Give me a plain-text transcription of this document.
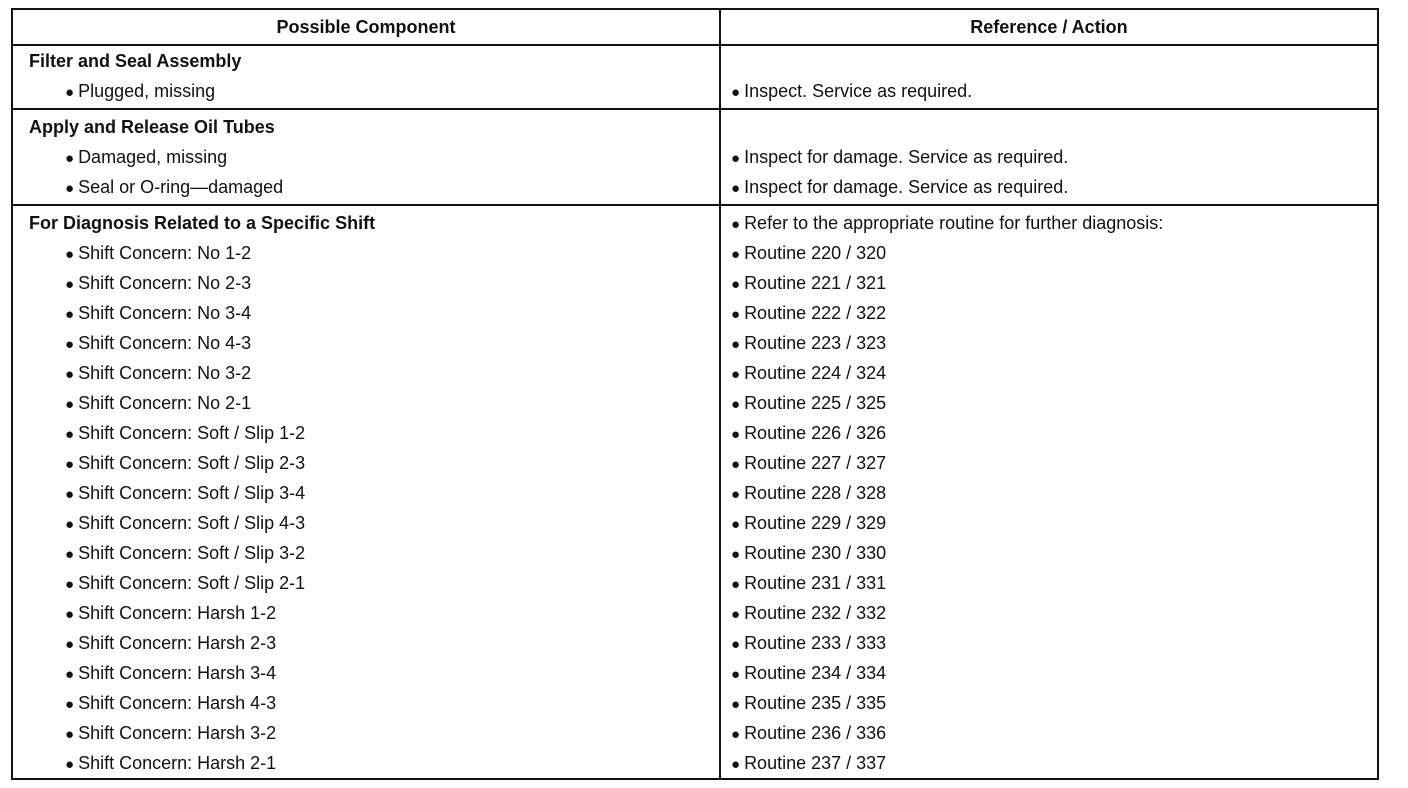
Possible Component	Reference / Action
Filter and Seal Assembly
● Plugged, missing	● Inspect. Service as required.
Apply and Release Oil Tubes
● Damaged, missing	● Inspect for damage. Service as required.
● Seal or O-ring—damaged	● Inspect for damage. Service as required.
For Diagnosis Related to a Specific Shift	● Refer to the appropriate routine for further diagnosis:
● Shift Concern: No 1-2	● Routine 220 / 320
● Shift Concern: No 2-3	● Routine 221 / 321
● Shift Concern: No 3-4	● Routine 222 / 322
● Shift Concern: No 4-3	● Routine 223 / 323
● Shift Concern: No 3-2	● Routine 224 / 324
● Shift Concern: No 2-1	● Routine 225 / 325
● Shift Concern: Soft / Slip 1-2	● Routine 226 / 326
● Shift Concern: Soft / Slip 2-3	● Routine 227 / 327
● Shift Concern: Soft / Slip 3-4	● Routine 228 / 328
● Shift Concern: Soft / Slip 4-3	● Routine 229 / 329
● Shift Concern: Soft / Slip 3-2	● Routine 230 / 330
● Shift Concern: Soft / Slip 2-1	● Routine 231 / 331
● Shift Concern: Harsh 1-2	● Routine 232 / 332
● Shift Concern: Harsh 2-3	● Routine 233 / 333
● Shift Concern: Harsh 3-4	● Routine 234 / 334
● Shift Concern: Harsh 4-3	● Routine 235 / 335
● Shift Concern: Harsh 3-2	● Routine 236 / 336
● Shift Concern: Harsh 2-1	● Routine 237 / 337
